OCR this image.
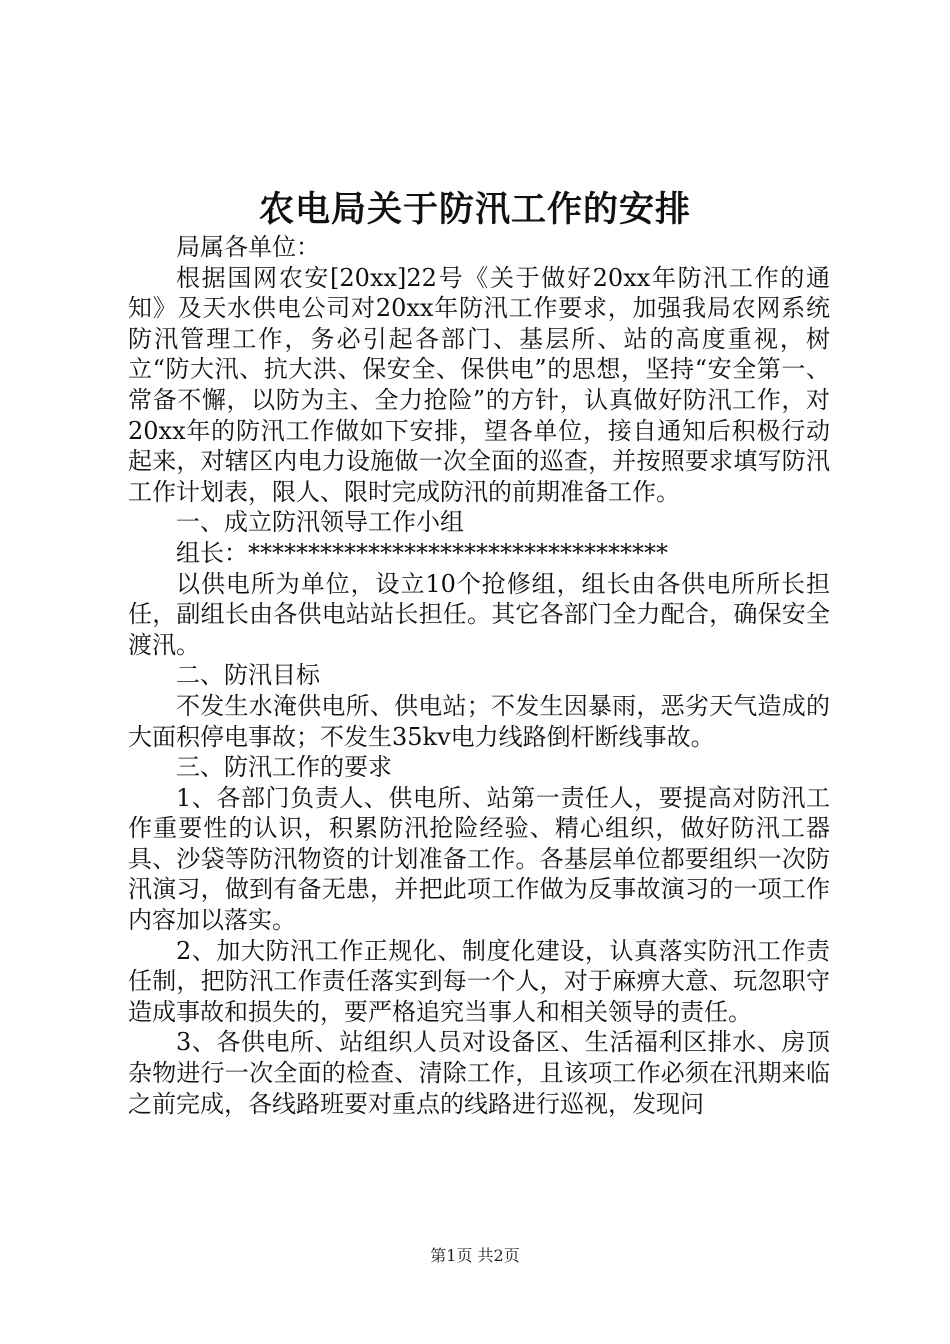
农电局关于防汛工作的安排

局属各单位：

根据国网农安[20xx]22号《关于做好20xx年防汛工作的通知》及天水供电公司对20xx年防汛工作要求，加强我局农网系统防汛管理工作，务必引起各部门、基层所、站的高度重视，树立“防大汛、抗大洪、保安全、保供电”的思想，坚持“安全第一、常备不懈，以防为主、全力抢险”的方针，认真做好防汛工作，对20xx年的防汛工作做如下安排，望各单位，接自通知后积极行动起来，对辖区内电力设施做一次全面的巡查，并按照要求填写防汛工作计划表，限人、限时完成防汛的前期准备工作。

一、成立防汛领导工作小组

组长：***********************************

以供电所为单位，设立10个抢修组，组长由各供电所所长担任，副组长由各供电站站长担任。其它各部门全力配合，确保安全渡汛。

二、防汛目标

不发生水淹供电所、供电站；不发生因暴雨，恶劣天气造成的大面积停电事故；不发生35kv电力线路倒杆断线事故。

三、防汛工作的要求

1、各部门负责人、供电所、站第一责任人，要提高对防汛工作重要性的认识，积累防汛抢险经验、精心组织，做好防汛工器具、沙袋等防汛物资的计划准备工作。各基层单位都要组织一次防汛演习，做到有备无患，并把此项工作做为反事故演习的一项工作内容加以落实。

2、加大防汛工作正规化、制度化建设，认真落实防汛工作责任制，把防汛工作责任落实到每一个人，对于麻痹大意、玩忽职守造成事故和损失的，要严格追究当事人和相关领导的责任。

3、各供电所、站组织人员对设备区、生活福利区排水、房顶杂物进行一次全面的检查、清除工作，且该项工作必须在汛期来临之前完成，各线路班要对重点的线路进行巡视，发现问

第1页 共2页
